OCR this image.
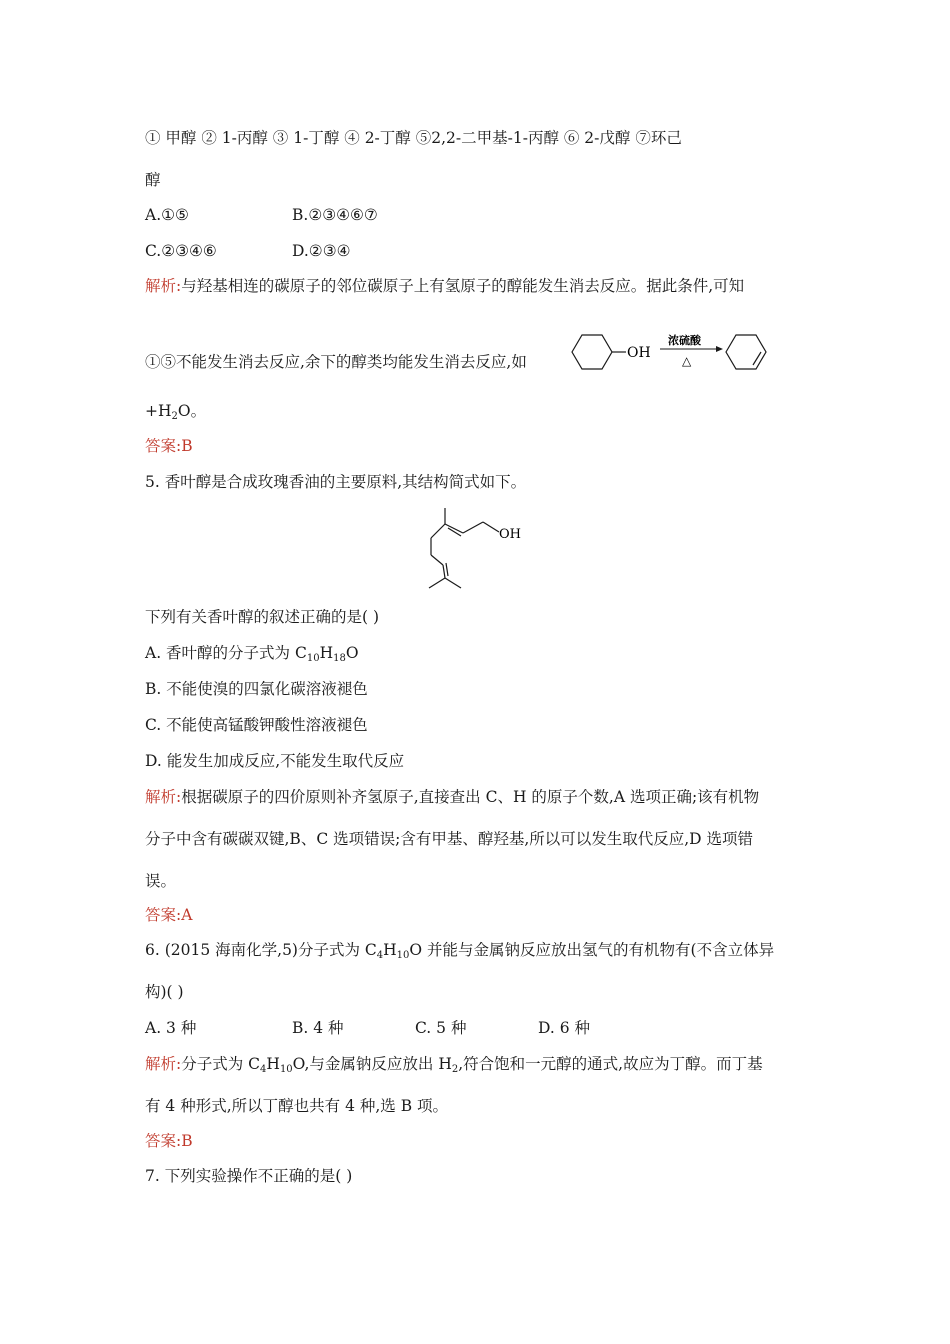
① 甲醇 ② 1-丙醇 ③ 1-丁醇 ④ 2-丁醇 ⑤2,2-二甲基-1-丙醇 ⑥ 2-戊醇 ⑦环己
醇
A.①⑤	B.②③④⑥⑦
C.②③④⑥	D.②③④
解析:与羟基相连的碳原子的邻位碳原子上有氢原子的醇能发生消去反应。据此条件,可知
①⑤不能发生消去反应,余下的醇类均能发生消去反应,如	OH
浓硫酸
△
$+H_2O$。
答案:B
5. 香叶醇是合成玫瑰香油的主要原料,其结构简式如下。
OH
下列有关香叶醇的叙述正确的是( )
A. 香叶醇的分子式为 $C_{10}H_{18}O$
B. 不能使溴的四氯化碳溶液褪色
C. 不能使高锰酸钾酸性溶液褪色
D. 能发生加成反应,不能发生取代反应
解析:根据碳原子的四价原则补齐氢原子,直接查出 C、H 的原子个数,A 选项正确;该有机物
分子中含有碳碳双键,B、C 选项错误;含有甲基、醇羟基,所以可以发生取代反应,D 选项错
误。
答案:A
6. (2015 海南化学,5)分子式为 $C_4H_{10}O$ 并能与金属钠反应放出氢气的有机物有(不含立体异
构)( )
A. 3 种	B. 4 种	C. 5 种	D. 6 种
解析:分子式为 $C_4H_{10}O$,与金属钠反应放出 $H_2$,符合饱和一元醇的通式,故应为丁醇。而丁基
有 4 种形式,所以丁醇也共有 4 种,选 B 项。
答案:B
7. 下列实验操作不正确的是( )
